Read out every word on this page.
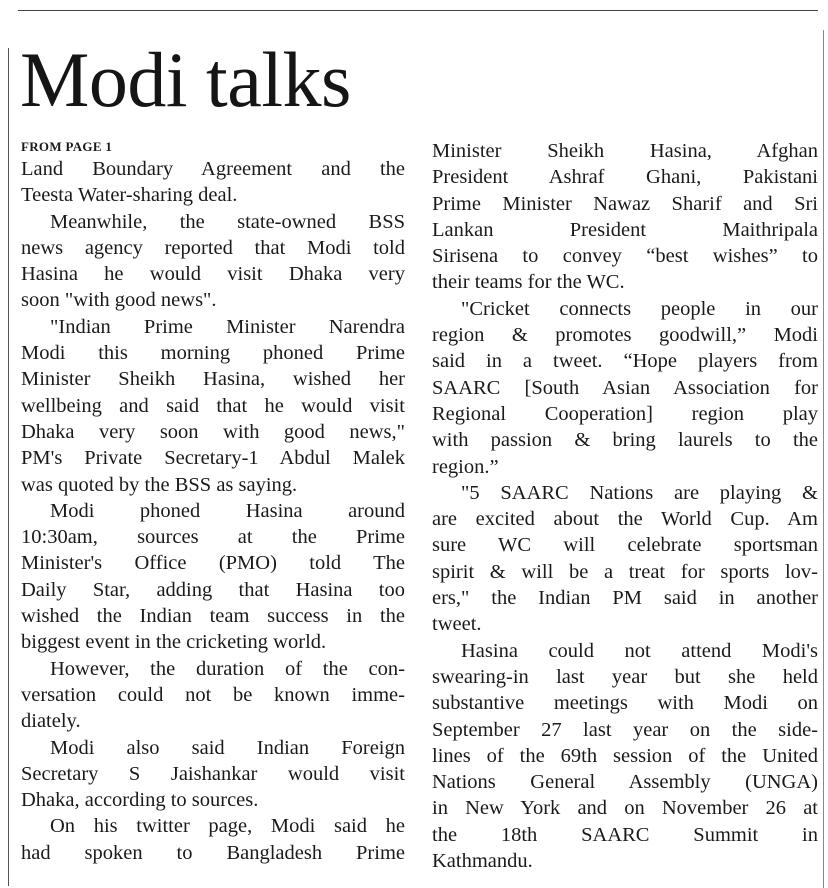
Modi talks
FROM PAGE 1
Land Boundary Agreement and the
Teesta Water-sharing deal.
Meanwhile, the state-owned BSS
news agency reported that Modi told
Hasina he would visit Dhaka very
soon "with good news".
"Indian Prime Minister Narendra
Modi this morning phoned Prime
Minister Sheikh Hasina, wished her
wellbeing and said that he would visit
Dhaka very soon with good news,"
PM's Private Secretary-1 Abdul Malek
was quoted by the BSS as saying.
Modi phoned Hasina around
10:30am, sources at the Prime
Minister's Office (PMO) told The
Daily Star, adding that Hasina too
wished the Indian team success in the
biggest event in the cricketing world.
However, the duration of the con-
versation could not be known imme-
diately.
Modi also said Indian Foreign
Secretary S Jaishankar would visit
Dhaka, according to sources.
On his twitter page, Modi said he
had spoken to Bangladesh Prime
Minister Sheikh Hasina, Afghan
President Ashraf Ghani, Pakistani
Prime Minister Nawaz Sharif and Sri
Lankan President Maithripala
Sirisena to convey “best wishes” to
their teams for the WC.
"Cricket connects people in our
region & promotes goodwill,” Modi
said in a tweet. “Hope players from
SAARC [South Asian Association for
Regional Cooperation] region play
with passion & bring laurels to the
region.”
"5 SAARC Nations are playing &
are excited about the World Cup. Am
sure WC will celebrate sportsman
spirit & will be a treat for sports lov-
ers," the Indian PM said in another
tweet.
Hasina could not attend Modi's
swearing-in last year but she held
substantive meetings with Modi on
September 27 last year on the side-
lines of the 69th session of the United
Nations General Assembly (UNGA)
in New York and on November 26 at
the 18th SAARC Summit in
Kathmandu.
